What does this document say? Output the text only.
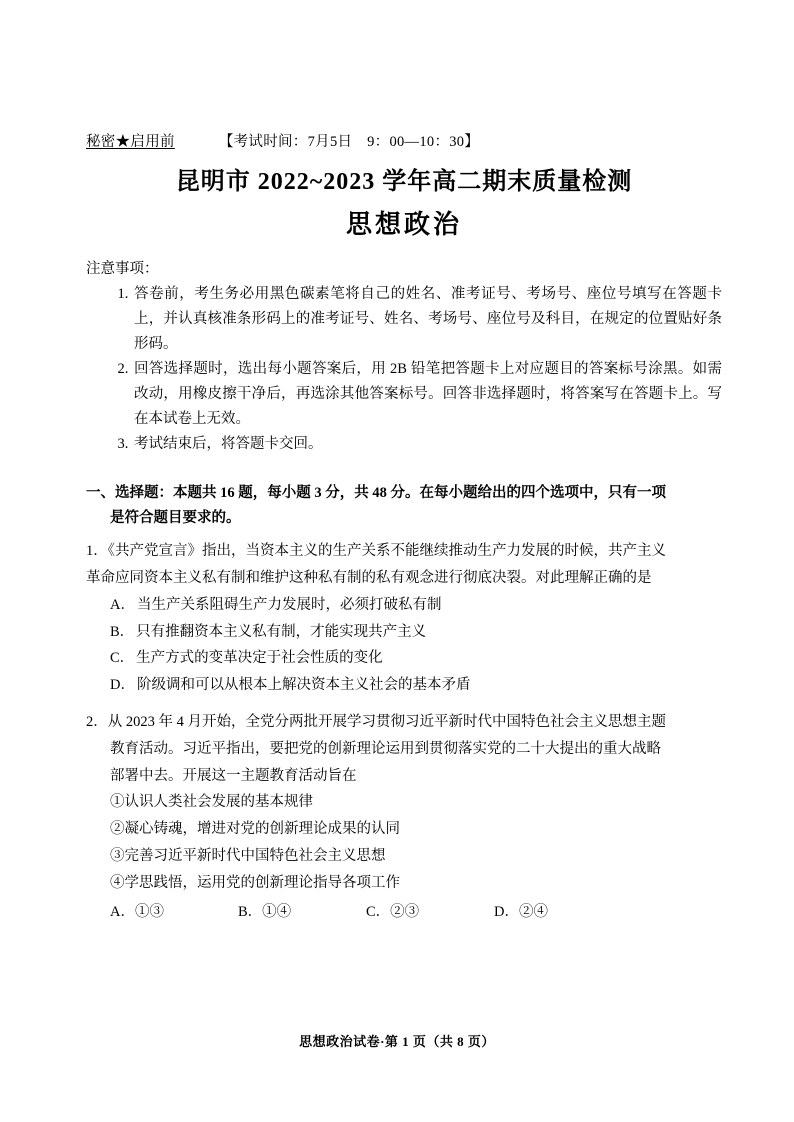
秘密★启用前	【考试时间：7月5日　9：00—10：30】
昆明市 2022~2023 学年高二期末质量检测
思想政治
注意事项：
1. 答卷前，考生务必用黑色碳素笔将自己的姓名、准考证号、考场号、座位号填写在答题卡上，并认真核准条形码上的准考证号、姓名、考场号、座位号及科目，在规定的位置贴好条形码。
2. 回答选择题时，选出每小题答案后，用 2B 铅笔把答题卡上对应题目的答案标号涂黑。如需改动，用橡皮擦干净后，再选涂其他答案标号。回答非选择题时，将答案写在答题卡上。写在本试卷上无效。
3. 考试结束后，将答题卡交回。
一、选择题：本题共 16 题，每小题 3 分，共 48 分。在每小题给出的四个选项中，只有一项
是符合题目要求的。
1．《共产党宣言》指出，当资本主义的生产关系不能继续推动生产力发展的时候，共产主义
革命应同资本主义私有制和维护这种私有制的私有观念进行彻底决裂。对此理解正确的是
A． 当生产关系阻碍生产力发展时，必须打破私有制
B． 只有推翻资本主义私有制，才能实现共产主义
C． 生产方式的变革决定于社会性质的变化
D． 阶级调和可以从根本上解决资本主义社会的基本矛盾
2．从 2023 年 4 月开始，全党分两批开展学习贯彻习近平新时代中国特色社会主义思想主题
教育活动。习近平指出，要把党的创新理论运用到贯彻落实党的二十大提出的重大战略
部署中去。开展这一主题教育活动旨在
①认识人类社会发展的基本规律
②凝心铸魂，增进对党的创新理论成果的认同
③完善习近平新时代中国特色社会主义思想
④学思践悟，运用党的创新理论指导各项工作
A．①③	B．①④	C．②③	D．②④
思想政治试卷·第 1 页（共 8 页）
